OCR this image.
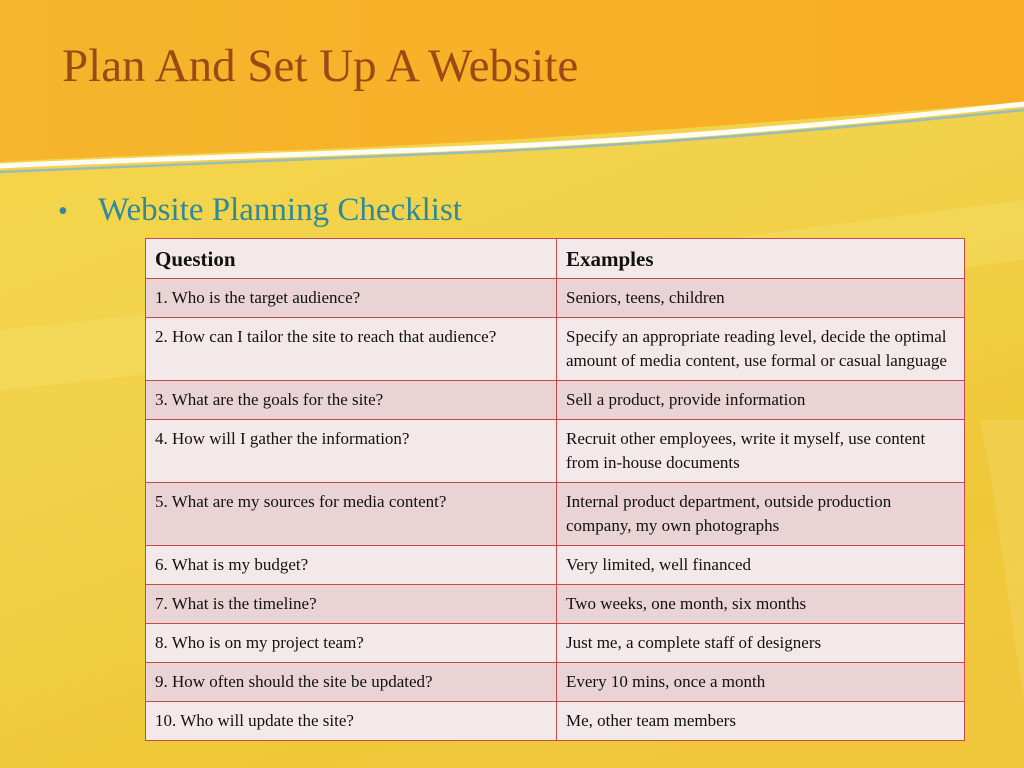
Plan And Set Up A Website
• Website Planning Checklist
Question	Examples
1. Who is the target audience?	Seniors, teens, children
2. How can I tailor the site to reach that audience?	Specify an appropriate reading level, decide the optimal amount of media content, use formal or casual language
3. What are the goals for the site?	Sell a product, provide information
4. How will I gather the information?	Recruit other employees, write it myself, use content from in-house documents
5. What are my sources for media content?	Internal product department, outside production company, my own photographs
6. What is my budget?	Very limited, well financed
7. What is the timeline?	Two weeks, one month, six months
8. Who is on my project team?	Just me, a complete staff of designers
9. How often should the site be updated?	Every 10 mins, once a month
10. Who will update the site?	Me, other team members
